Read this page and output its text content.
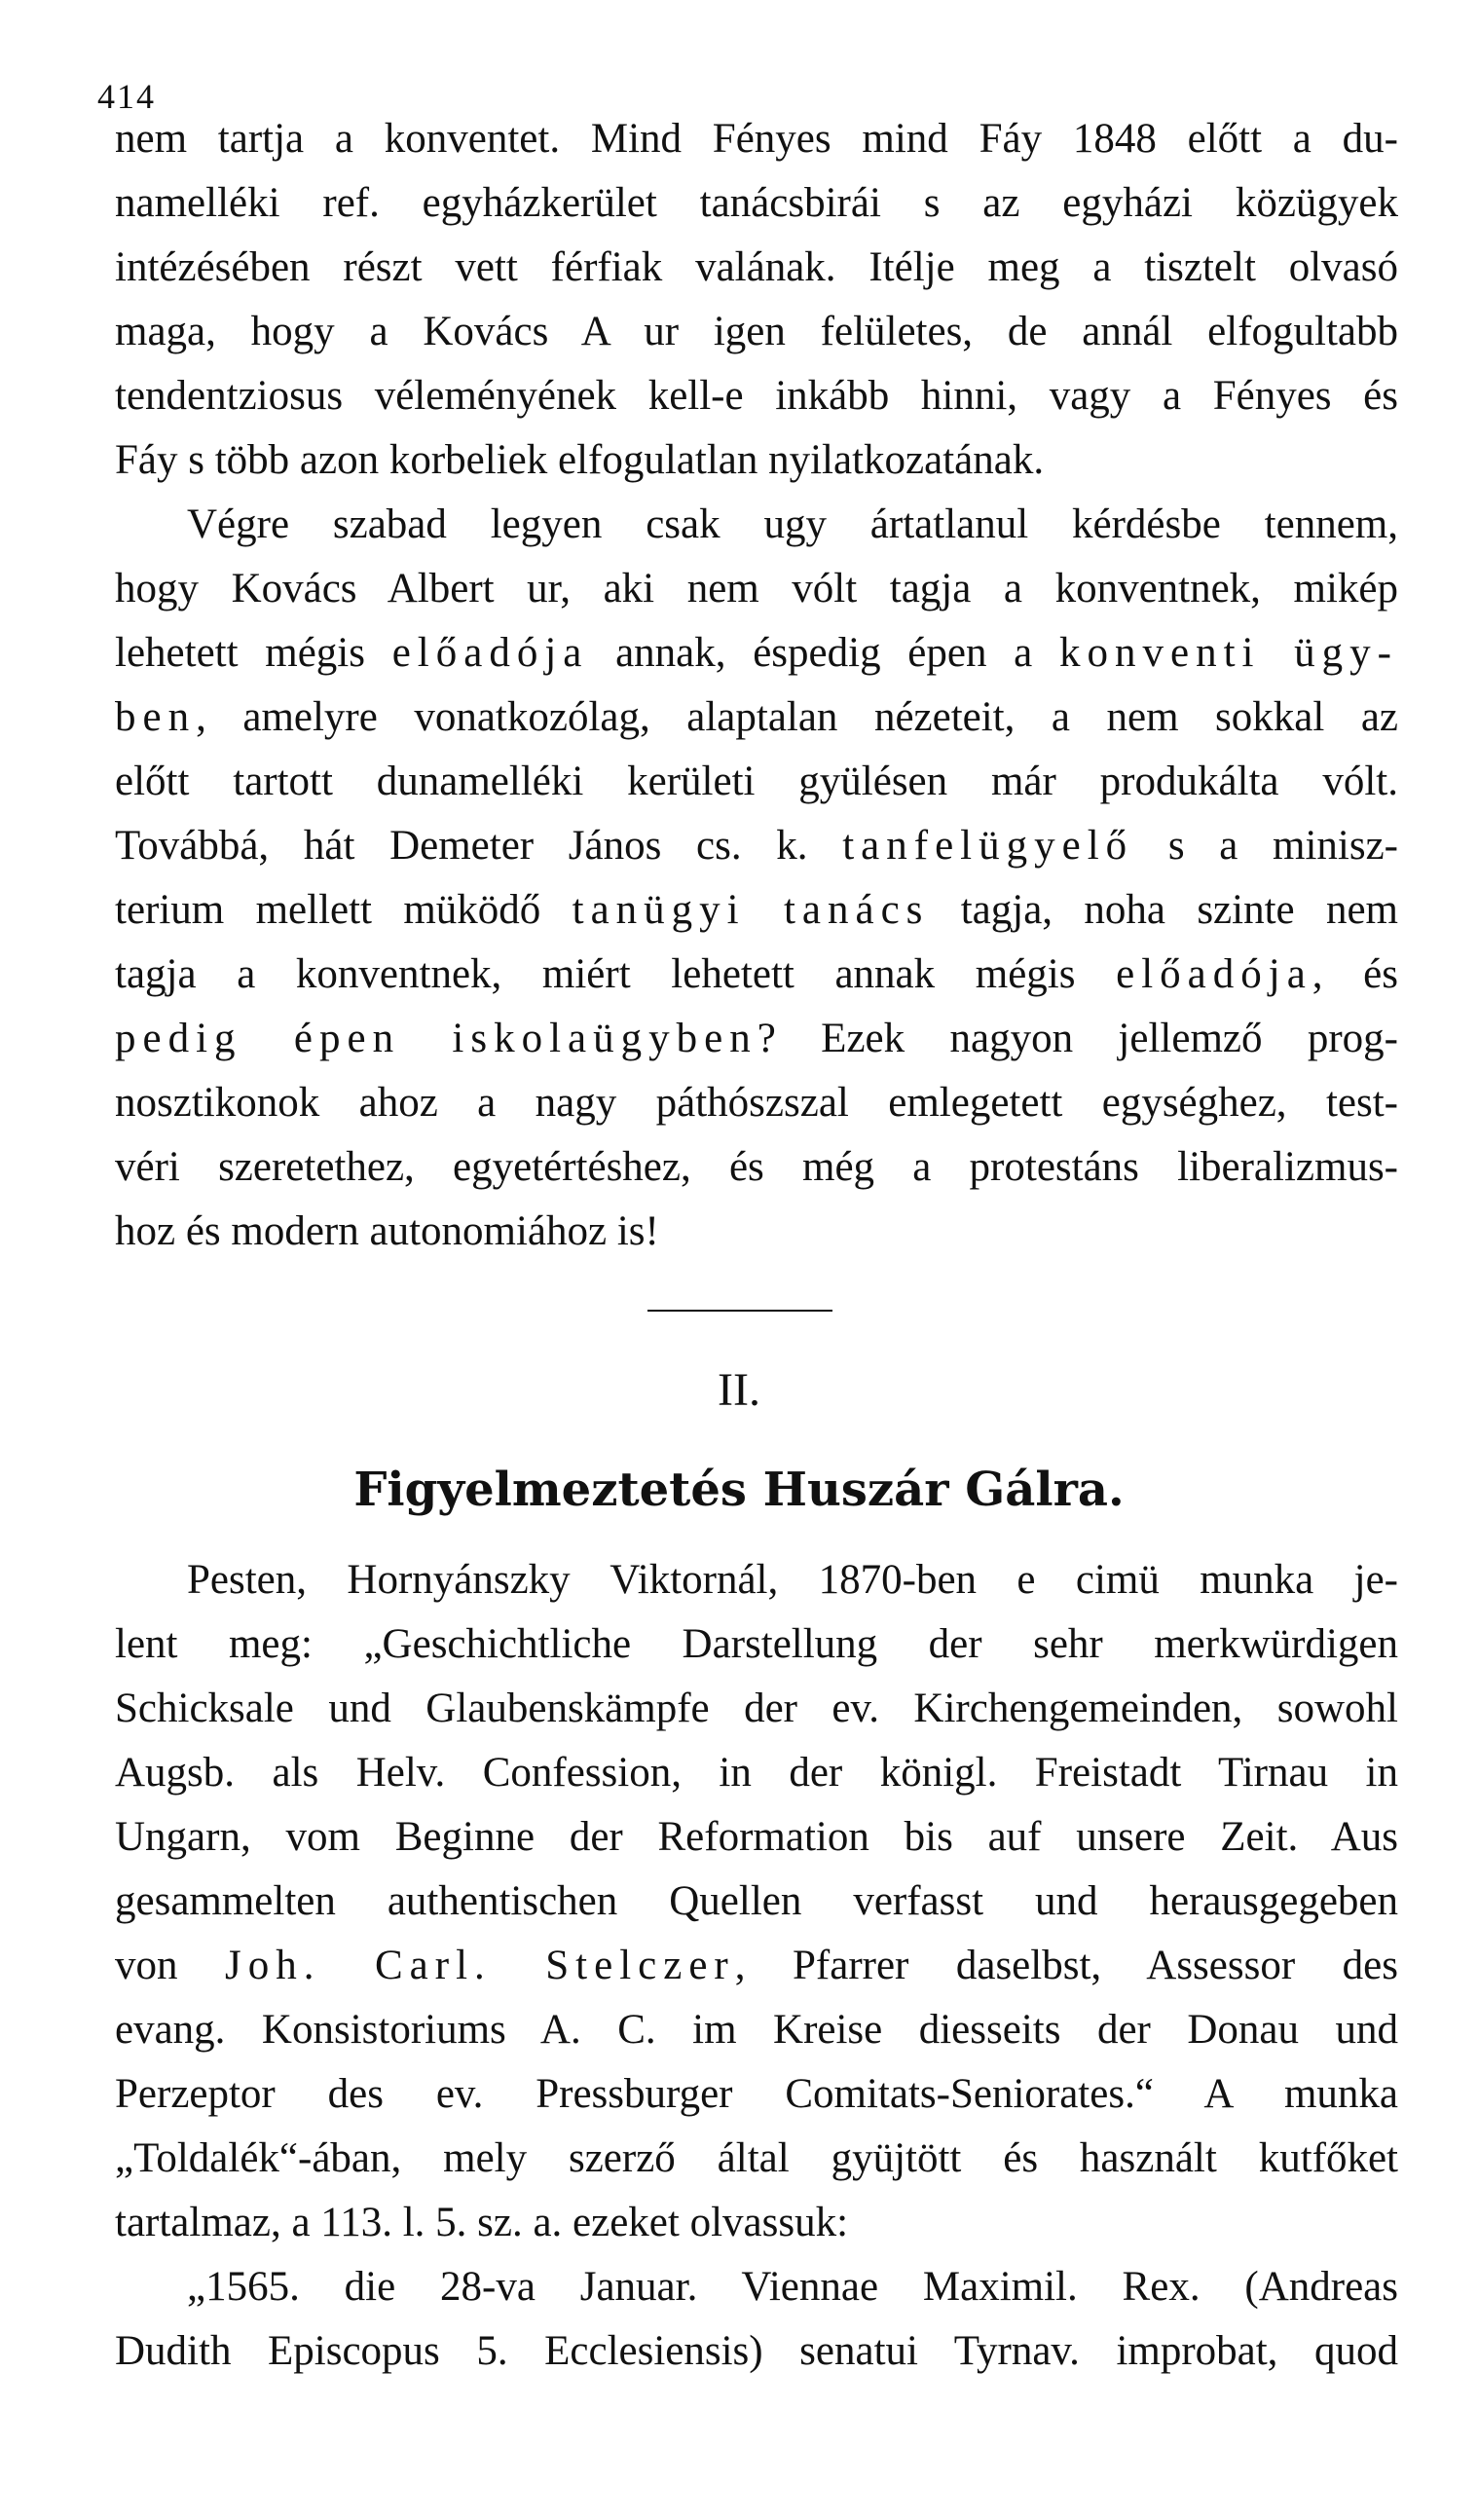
414
nem tartja a konventet. Mind Fényes mind Fáy 1848 előtt a du-
namelléki ref. egyházkerület tanácsbirái s az egyházi közügyek
intézésében részt vett férfiak valának. Itélje meg a tisztelt olvasó
maga, hogy a Kovács A ur igen felületes, de annál elfogultabb
tendentziosus véleményének kell-e inkább hinni, vagy a Fényes és
Fáy s több azon korbeliek elfogulatlan nyilatkozatának.
Végre szabad legyen csak ugy ártatlanul kérdésbe tennem,
hogy Kovács Albert ur, aki nem vólt tagja a konventnek, mikép
lehetett mégis előadója annak, éspedig épen a konventi ügy-
ben, amelyre vonatkozólag, alaptalan nézeteit, a nem sokkal az
előtt tartott dunamelléki kerületi gyülésen már produkálta vólt.
Továbbá, hát Demeter János cs. k. tanfelügyelő s a minisz-
terium mellett müködő tanügyi tanács tagja, noha szinte nem
tagja a konventnek, miért lehetett annak mégis előadója, és
pedig épen iskolaügyben? Ezek nagyon jellemző prog-
nosztikonok ahoz a nagy páthószszal emlegetett egységhez, test-
véri szeretethez, egyetértéshez, és még a protestáns liberalizmus-
hoz és modern autonomiához is!
II.
Figyelmeztetés Huszár Gálra.
Pesten, Hornyánszky Viktornál, 1870-ben e cimü munka je-
lent meg: „Geschichtliche Darstellung der sehr merkwürdigen
Schicksale und Glaubenskämpfe der ev. Kirchengemeinden, sowohl
Augsb. als Helv. Confession, in der königl. Freistadt Tirnau in
Ungarn, vom Beginne der Reformation bis auf unsere Zeit. Aus
gesammelten authentischen Quellen verfasst und herausgegeben
von Joh. Carl. Stelczer, Pfarrer daselbst, Assessor des
evang. Konsistoriums A. C. im Kreise diesseits der Donau und
Perzeptor des ev. Pressburger Comitats-Seniorates.“ A munka
„Toldalék“-ában, mely szerző által gyüjtött és használt kutfőket
tartalmaz, a 113. l. 5. sz. a. ezeket olvassuk:
„1565. die 28-va Januar. Viennae Maximil. Rex. (Andreas
Dudith Episcopus 5. Ecclesiensis) senatui Tyrnav. improbat, quod
